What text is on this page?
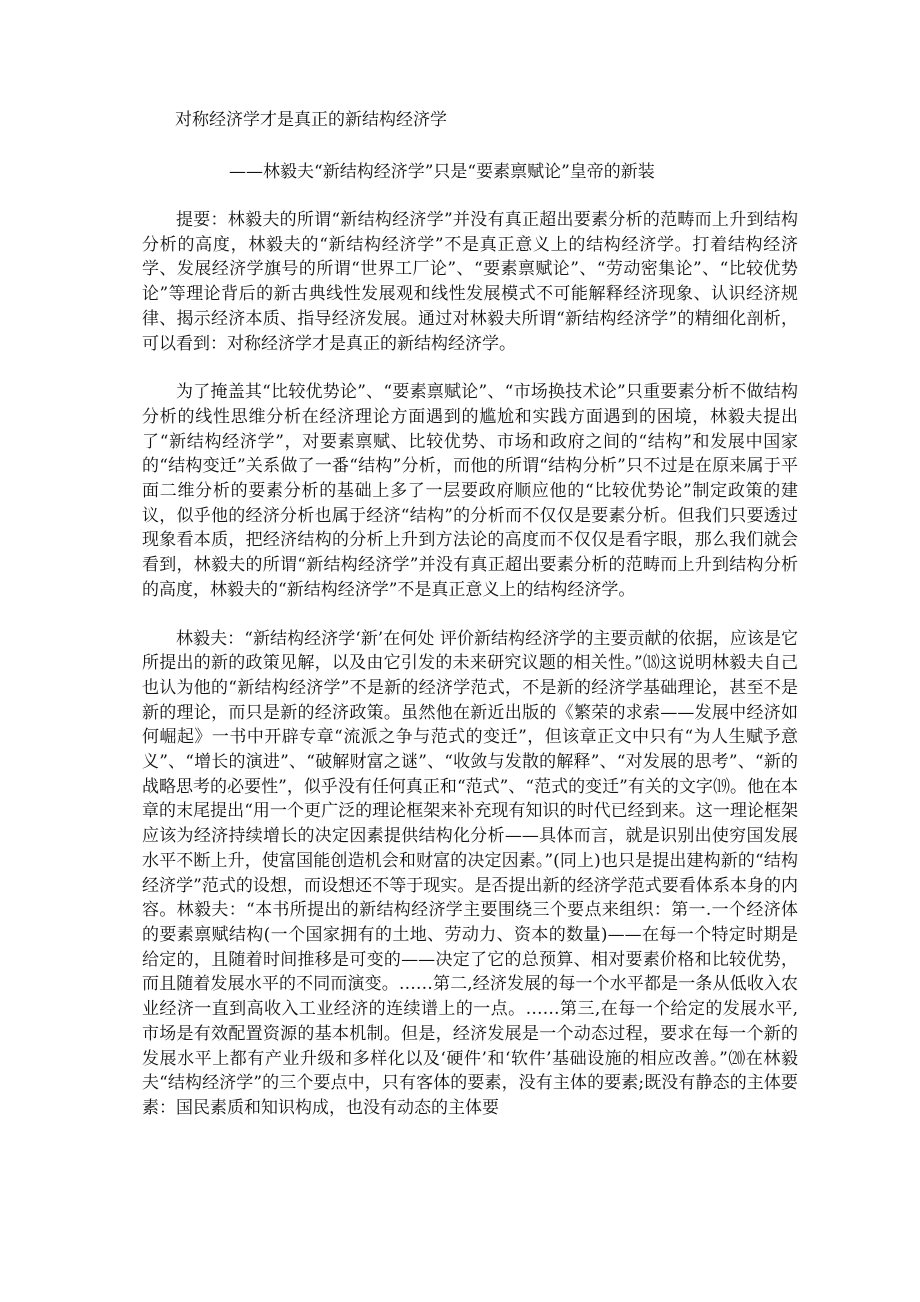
对称经济学才是真正的新结构经济学
——林毅夫“新结构经济学”只是“要素禀赋论”皇帝的新装

提要：林毅夫的所谓“新结构经济学”并没有真正超出要素分析的范畴而上升到结构分析的高度，林毅夫的“新结构经济学”不是真正意义上的结构经济学。打着结构经济学、发展经济学旗号的所谓“世界工厂论”、“要素禀赋论”、“劳动密集论”、“比较优势论”等理论背后的新古典线性发展观和线性发展模式不可能解释经济现象、认识经济规律、揭示经济本质、指导经济发展。通过对林毅夫所谓“新结构经济学”的精细化剖析，可以看到：对称经济学才是真正的新结构经济学。

为了掩盖其“比较优势论”、“要素禀赋论”、“市场换技术论”只重要素分析不做结构分析的线性思维分析在经济理论方面遇到的尴尬和实践方面遇到的困境，林毅夫提出了“新结构经济学”，对要素禀赋、比较优势、市场和政府之间的“结构”和发展中国家的“结构变迁”关系做了一番“结构”分析，而他的所谓“结构分析”只不过是在原来属于平面二维分析的要素分析的基础上多了一层要政府顺应他的“比较优势论”制定政策的建议，似乎他的经济分析也属于经济“结构”的分析而不仅仅是要素分析。但我们只要透过现象看本质，把经济结构的分析上升到方法论的高度而不仅仅是看字眼，那么我们就会看到，林毅夫的所谓“新结构经济学”并没有真正超出要素分析的范畴而上升到结构分析的高度，林毅夫的“新结构经济学”不是真正意义上的结构经济学。

林毅夫：“新结构经济学‘新’在何处 评价新结构经济学的主要贡献的依据，应该是它所提出的新的政策见解，以及由它引发的未来研究议题的相关性。”⒅这说明林毅夫自己也认为他的“新结构经济学”不是新的经济学范式，不是新的经济学基础理论，甚至不是新的理论，而只是新的经济政策。虽然他在新近出版的《繁荣的求索——发展中经济如何崛起》一书中开辟专章“流派之争与范式的变迁”，但该章正文中只有“为人生赋予意义”、“增长的演进”、“破解财富之谜”、“收敛与发散的解释”、“对发展的思考”、“新的战略思考的必要性”，似乎没有任何真正和“范式”、“范式的变迁”有关的文字⒆。他在本章的末尾提出“用一个更广泛的理论框架来补充现有知识的时代已经到来。这一理论框架应该为经济持续增长的决定因素提供结构化分析——具体而言，就是识别出使穷国发展水平不断上升，使富国能创造机会和财富的决定因素。”(同上)也只是提出建构新的“结构经济学”范式的设想，而设想还不等于现实。是否提出新的经济学范式要看体系本身的内容。林毅夫：“本书所提出的新结构经济学主要围绕三个要点来组织：第一.一个经济体的要素禀赋结构(一个国家拥有的土地、劳动力、资本的数量)——在每一个特定时期是给定的，且随着时间推移是可变的——决定了它的总预算、相对要素价格和比较优势，而且随着发展水平的不同而演变。……第二,经济发展的每一个水平都是一条从低收入农业经济一直到高收入工业经济的连续谱上的一点。……第三,在每一个给定的发展水平,市场是有效配置资源的基本机制。但是，经济发展是一个动态过程，要求在每一个新的发展水平上都有产业升级和多样化以及‘硬件’和‘软件’基础设施的相应改善。”⒇在林毅夫“结构经济学”的三个要点中，只有客体的要素，没有主体的要素;既没有静态的主体要素：国民素质和知识构成，也没有动态的主体要
